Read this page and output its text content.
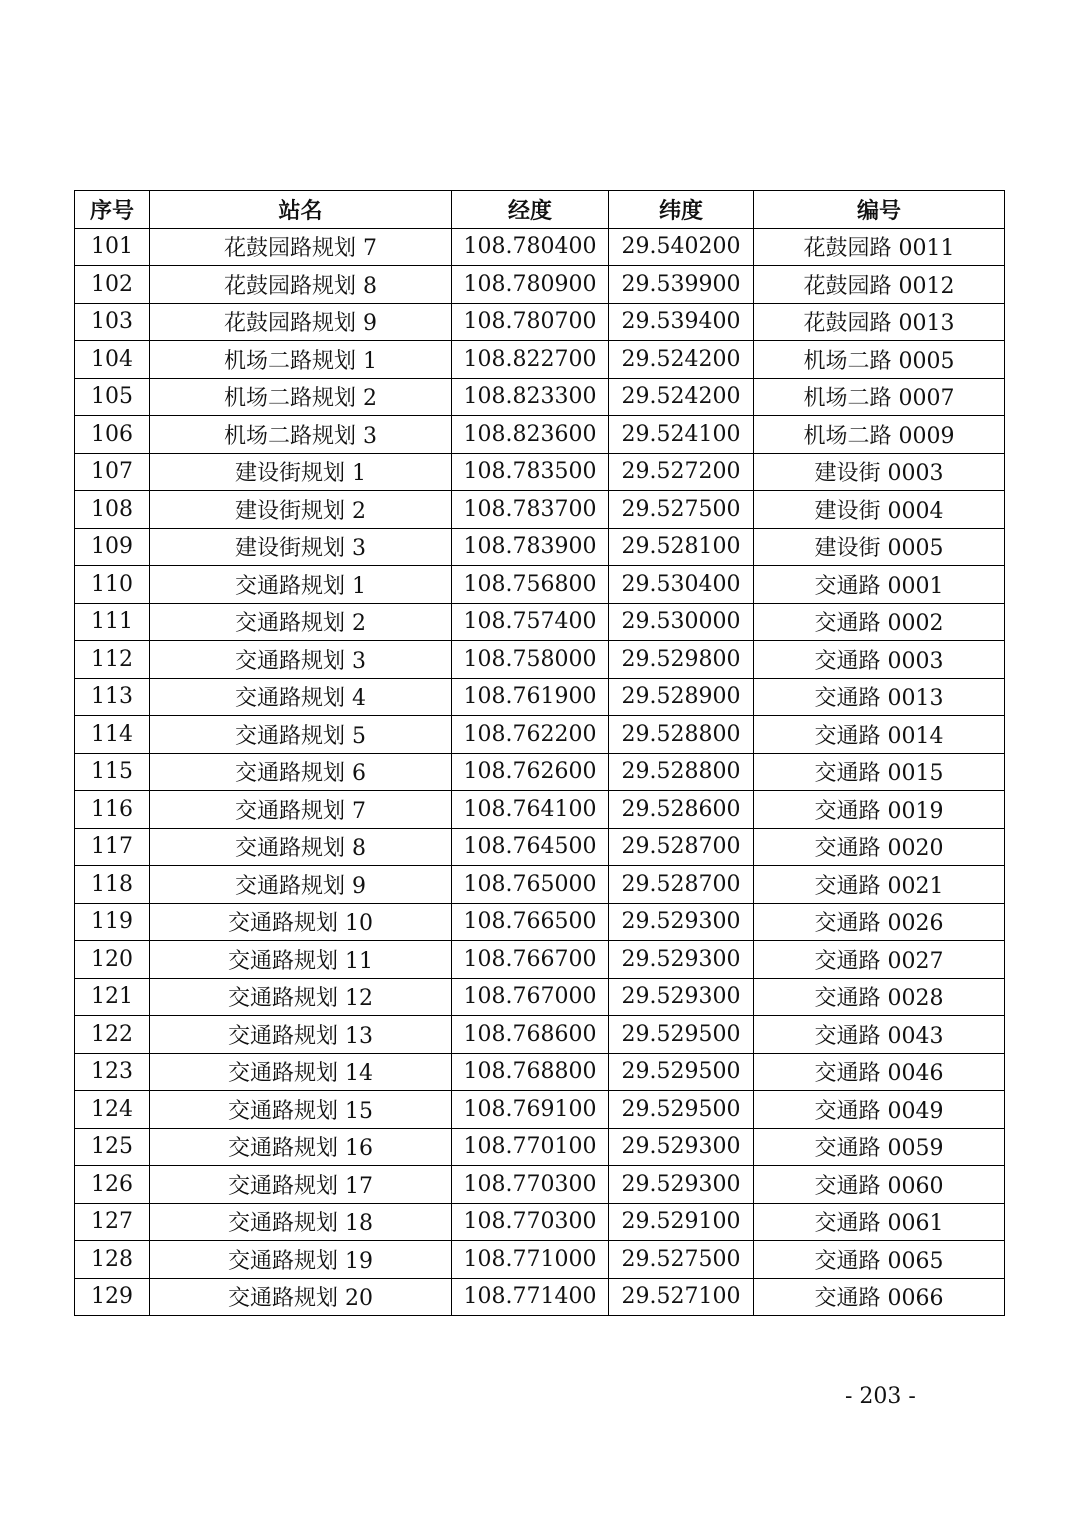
序号	站名	经度	纬度	编号
101	花鼓园路规划 7	108.780400	29.540200	花鼓园路 0011
102	花鼓园路规划 8	108.780900	29.539900	花鼓园路 0012
103	花鼓园路规划 9	108.780700	29.539400	花鼓园路 0013
104	机场二路规划 1	108.822700	29.524200	机场二路 0005
105	机场二路规划 2	108.823300	29.524200	机场二路 0007
106	机场二路规划 3	108.823600	29.524100	机场二路 0009
107	建设街规划 1	108.783500	29.527200	建设街 0003
108	建设街规划 2	108.783700	29.527500	建设街 0004
109	建设街规划 3	108.783900	29.528100	建设街 0005
110	交通路规划 1	108.756800	29.530400	交通路 0001
111	交通路规划 2	108.757400	29.530000	交通路 0002
112	交通路规划 3	108.758000	29.529800	交通路 0003
113	交通路规划 4	108.761900	29.528900	交通路 0013
114	交通路规划 5	108.762200	29.528800	交通路 0014
115	交通路规划 6	108.762600	29.528800	交通路 0015
116	交通路规划 7	108.764100	29.528600	交通路 0019
117	交通路规划 8	108.764500	29.528700	交通路 0020
118	交通路规划 9	108.765000	29.528700	交通路 0021
119	交通路规划 10	108.766500	29.529300	交通路 0026
120	交通路规划 11	108.766700	29.529300	交通路 0027
121	交通路规划 12	108.767000	29.529300	交通路 0028
122	交通路规划 13	108.768600	29.529500	交通路 0043
123	交通路规划 14	108.768800	29.529500	交通路 0046
124	交通路规划 15	108.769100	29.529500	交通路 0049
125	交通路规划 16	108.770100	29.529300	交通路 0059
126	交通路规划 17	108.770300	29.529300	交通路 0060
127	交通路规划 18	108.770300	29.529100	交通路 0061
128	交通路规划 19	108.771000	29.527500	交通路 0065
129	交通路规划 20	108.771400	29.527100	交通路 0066
- 203 -
